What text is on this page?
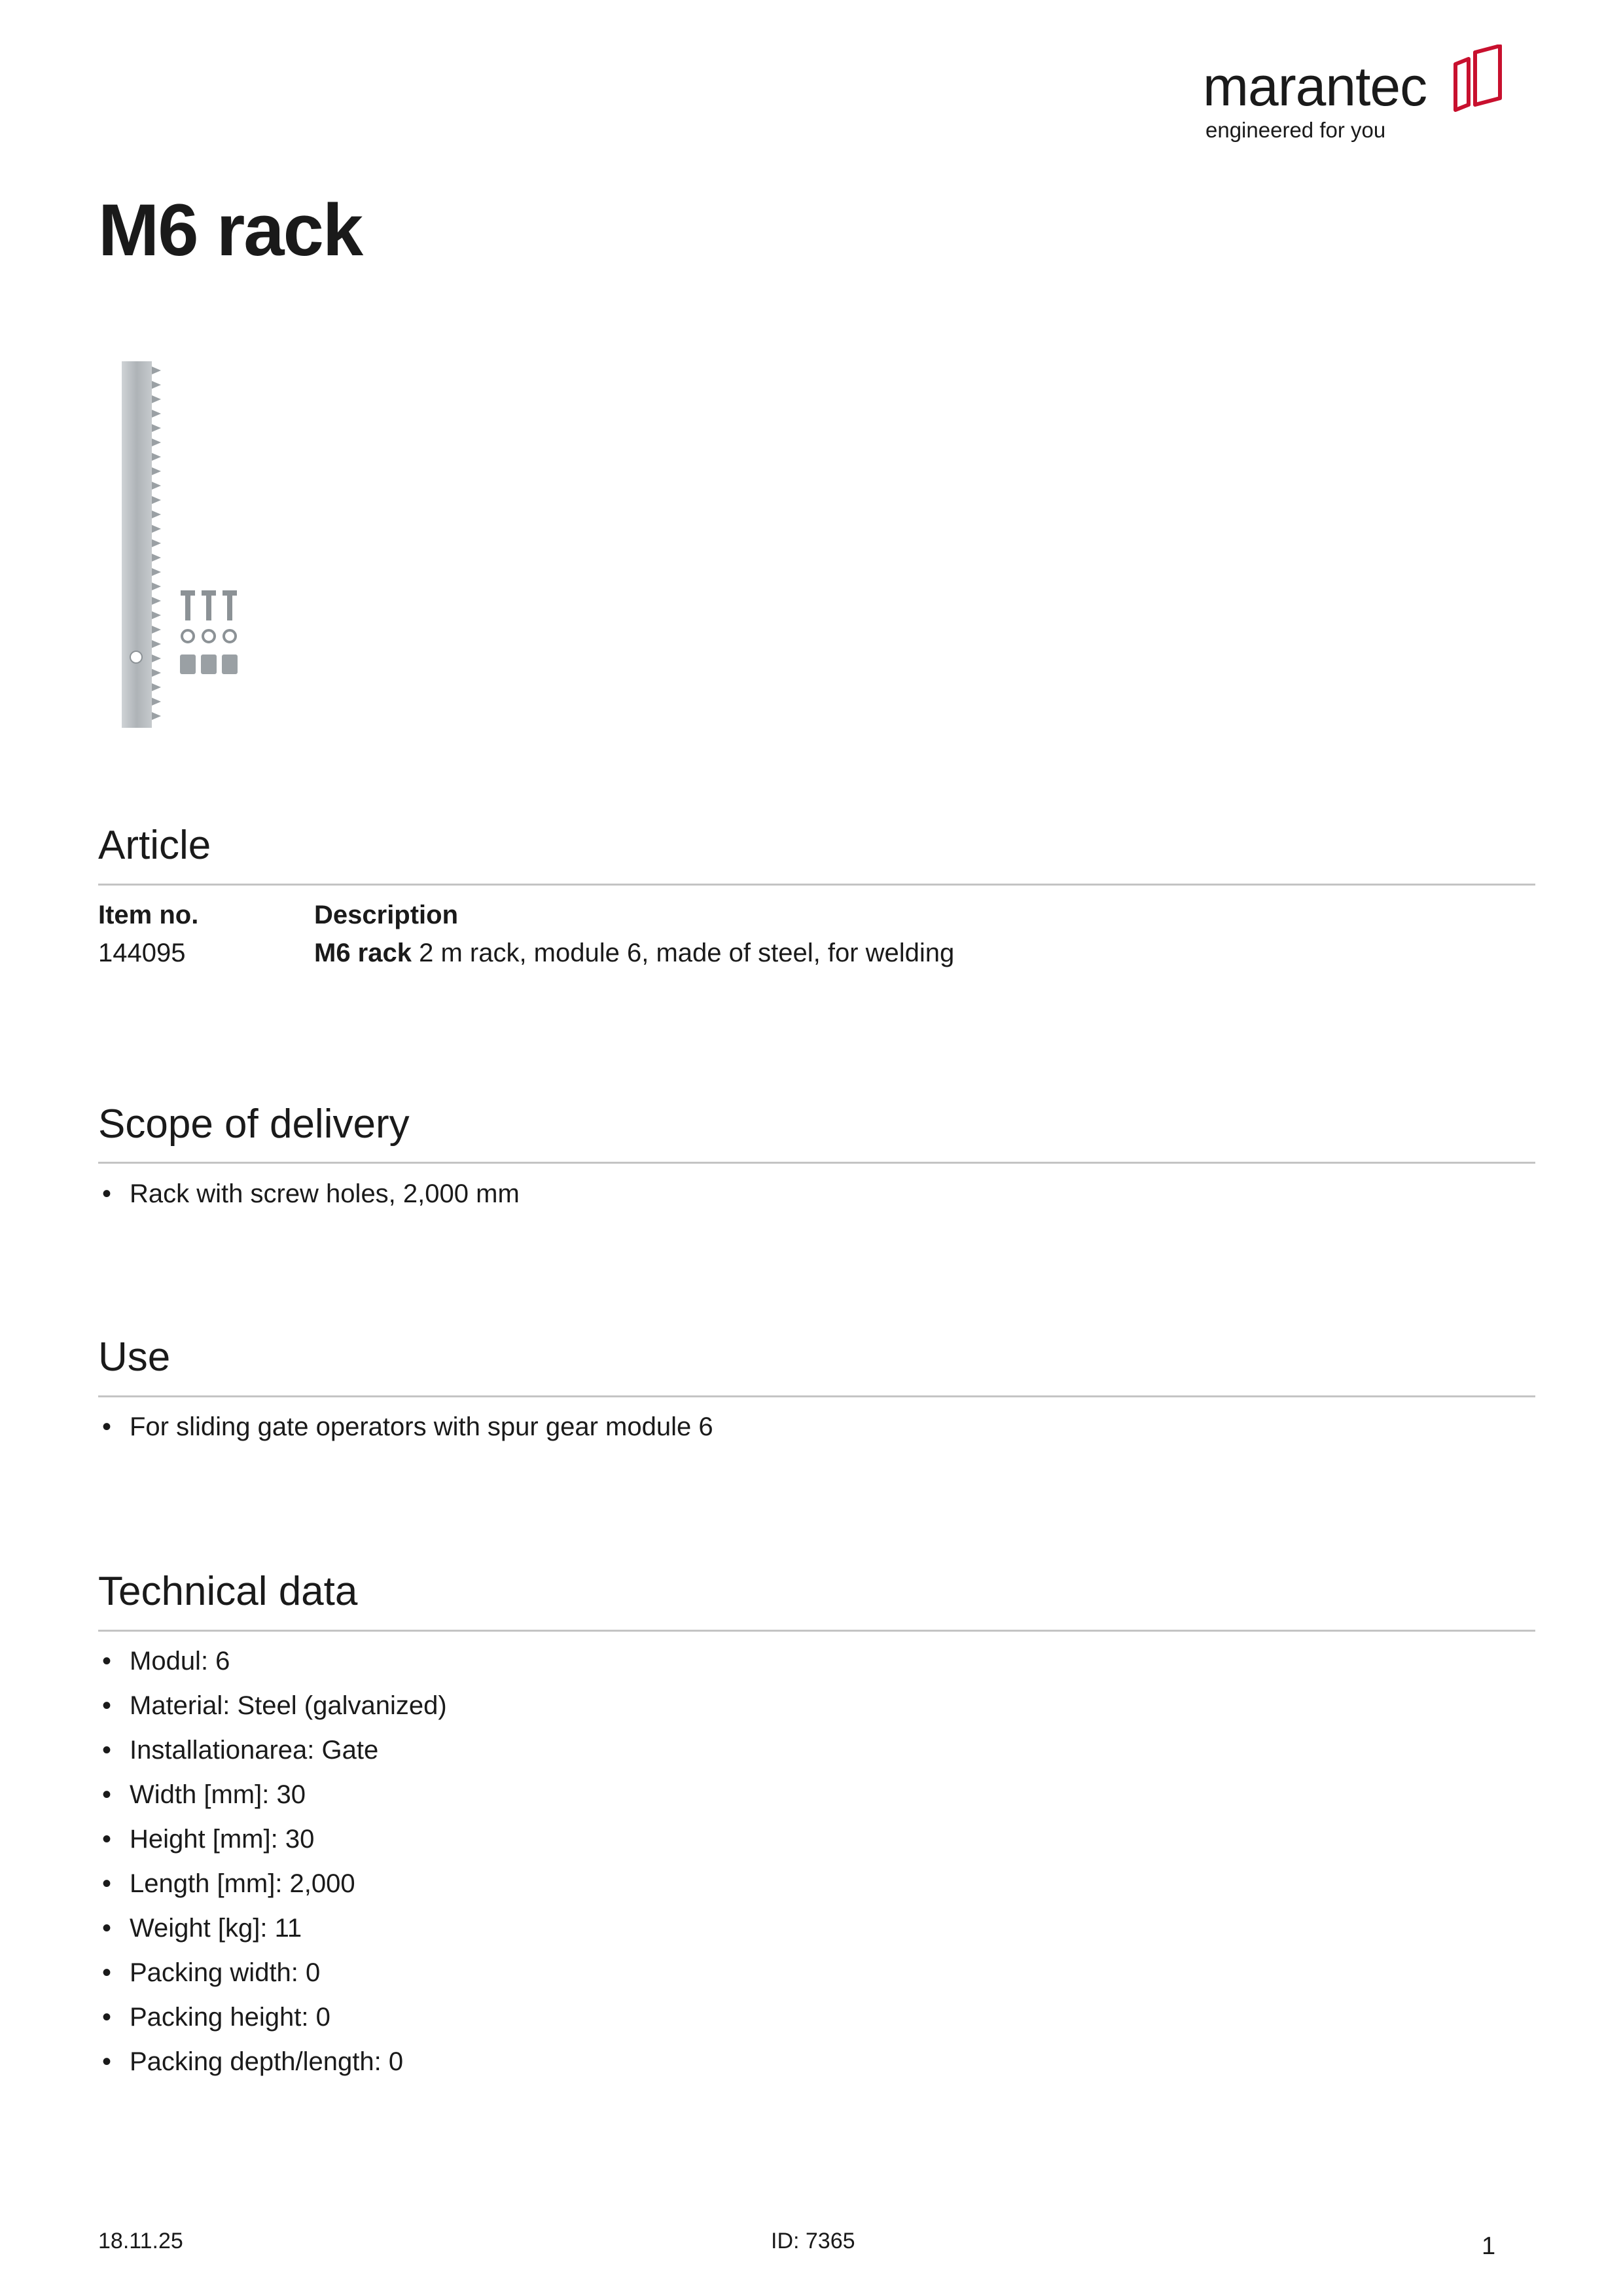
marantec
engineered for you
M6 rack
Article
Item no.	Description
144095	M6 rack 2 m rack, module 6, made of steel, for welding
Scope of delivery
• Rack with screw holes, 2,000 mm
Use
• For sliding gate operators with spur gear module 6
Technical data
• Modul: 6
• Material: Steel (galvanized)
• Installationarea: Gate
• Width [mm]: 30
• Height [mm]: 30
• Length [mm]: 2,000
• Weight [kg]: 11
• Packing width: 0
• Packing height: 0
• Packing depth/length: 0
18.11.25	ID: 7365	1
